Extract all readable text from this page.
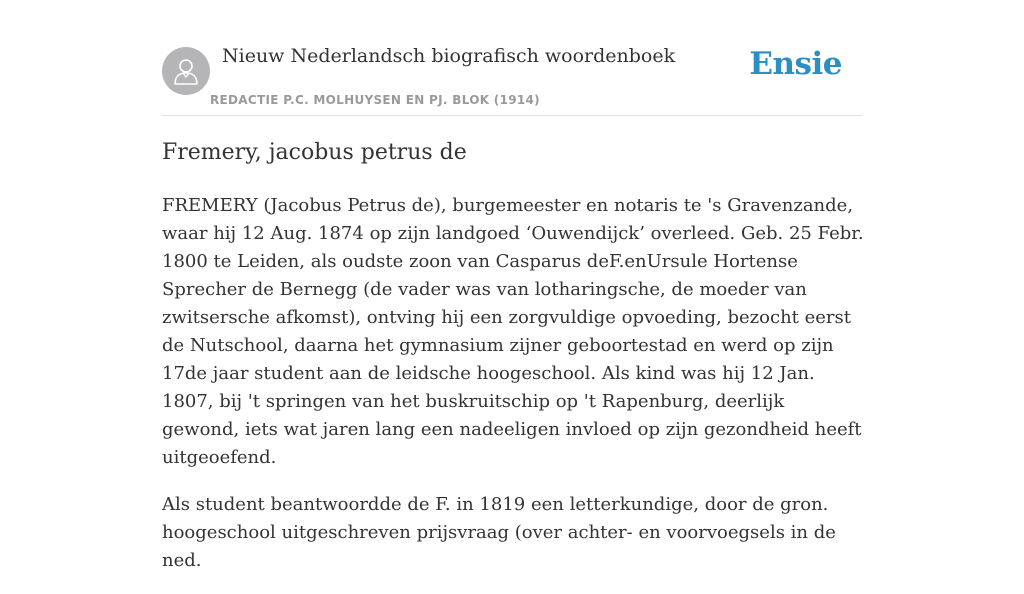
Nieuw Nederlandsch biografisch woordenboek
REDACTIE P.C. MOLHUYSEN EN PJ. BLOK (1914)
Ensie
Fremery, jacobus petrus de

FREMERY (Jacobus Petrus de), burgemeester en notaris te 's Gravenzande, waar hij 12 Aug. 1874 op zijn landgoed ‘Ouwendijck’ overleed. Geb. 25 Febr. 1800 te Leiden, als oudste zoon van Casparus deF.enUrsule Hortense Sprecher de Bernegg (de vader was van lotharingsche, de moeder van zwitsersche afkomst), ontving hij een zorgvuldige opvoeding, bezocht eerst de Nutschool, daarna het gymnasium zijner geboortestad en werd op zijn 17de jaar student aan de leidsche hoogeschool. Als kind was hij 12 Jan. 1807, bij 't springen van het buskruitschip op 't Rapenburg, deerlijk gewond, iets wat jaren lang een nadeeligen invloed op zijn gezondheid heeft uitgeoefend.

Als student beantwoordde de F. in 1819 een letterkundige, door de gron. hoogeschool uitgeschreven prijsvraag (over achter- en voorvoegsels in de ned.
